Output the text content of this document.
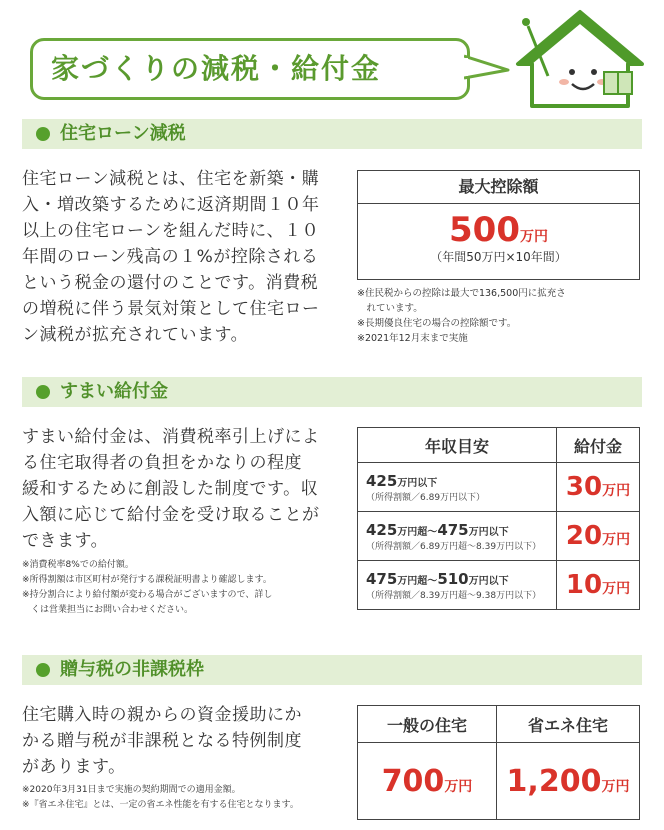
家づくりの減税・給付金
住宅ローン減税
住宅ローン減税とは、住宅を新築・購
入・増改築するために返済期間１０年
以上の住宅ローンを組んだ時に、１０
年間のローン残高の１%が控除される
という税金の還付のことです。消費税
の増税に伴う景気対策として住宅ロー
ン減税が拡充されています。
最大控除額
500万円
（年間50万円×10年間）
※住民税からの控除は最大で136,500円に拡充さ
　れています。
※長期優良住宅の場合の控除額です。
※2021年12月末まで実施
すまい給付金
すまい給付金は、消費税率引上げによ
る住宅取得者の負担をかなりの程度
緩和するために創設した制度です。収
入額に応じて給付金を受け取ることが
できます。
※消費税率8%での給付額。
※所得割額は市区町村が発行する課税証明書より確認します。
※持分割合により給付額が変わる場合がございますので、詳し
　くは営業担当にお問い合わせください。
年収目安	給付金

425万円以下
（所得割額／6.89万円以下）	30万円

425万円超〜475万円以下
（所得割額／6.89万円超〜8.39万円以下）	20万円

475万円超〜510万円以下
（所得割額／8.39万円超〜9.38万円以下）	10万円
贈与税の非課税枠
住宅購入時の親からの資金援助にか
かる贈与税が非課税となる特例制度
があります。
※2020年3月31日まで実施の契約期間での適用金額。
※『省エネ住宅』とは、一定の省エネ性能を有する住宅となります。
一般の住宅	省エネ住宅
700万円	1,200万円
